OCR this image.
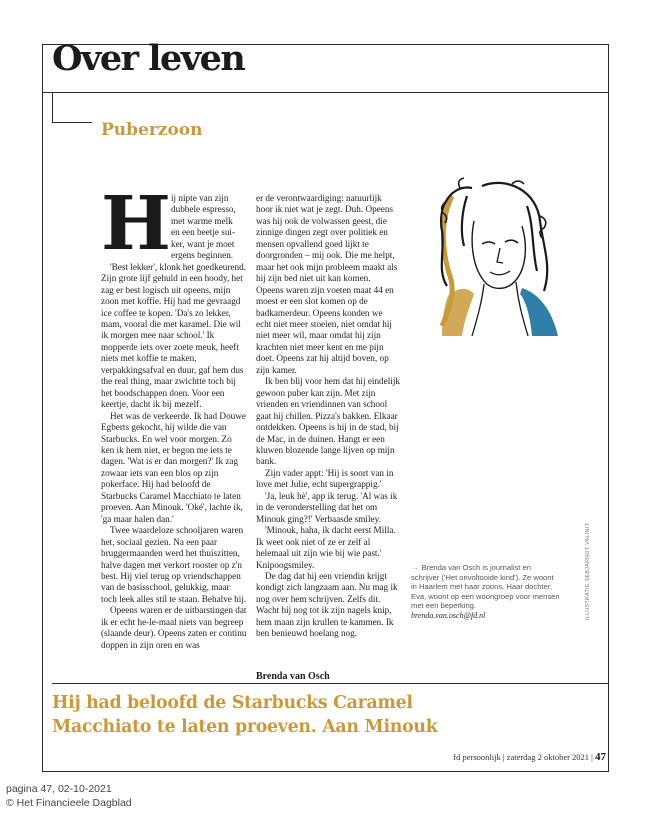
Over leven
Puberzoon
H ij nipte van zijn
dubbele espresso,
met warme melk
en een beetje sui-
ker, want je moet
ergens beginnen.

'Best lekker', klonk het goedkeurend. Zijn grote lijf gehuld in een hoody, het zag er best logisch uit opeens, mijn zoon met koffie. Hij had me gevraagd ice coffee te kopen. 'Da's zo lekker, mam, vooral die met karamel. Die wil ik morgen mee naar school.' Ik mopperde iets over zoete meuk, heeft niets met koffie te maken, verpakkingsafval en duur, gaf hem dus the real thing, maar zwichtte toch bij het boodschappen doen. Voor een keertje, dacht ik bij mezelf.

Het was de verkeerde. Ik had Douwe Egberts gekocht, hij wilde die van Starbucks. En wel voor morgen. Zo ken ik hem niet, er begon me iets te dagen. 'Wat is er dan morgen?' Ik zag zowaar iets van een blos op zijn pokerface. Hij had beloofd de Starbucks Caramel Macchiato te laten proeven. Aan Minouk. 'Oké', lachte ik, 'ga maar halen dan.'

Twee waardeloze schooljaren waren het, sociaal gezien. Na een paar bruggermaanden werd het thuiszitten, halve dagen met verkort rooster op z'n best. Hij viel terug op vriendschappen van de basisschool, gelukkig, maar toch leek alles stil te staan. Behalve hij.

Opeens waren er de uitbarstingen dat ik er echt he-le-maal niets van begreep (slaande deur). Opeens zaten er continu doppen in zijn oren en was

er de verontwaardiging: natuurlijk hoor ik niet wat je zegt. Duh. Opeens was hij ook de volwassen geest, die zinnige dingen zegt over politiek en mensen opvallend goed lijkt te doorgronden – mij ook. Die me helpt, maar het ook mijn probleem maakt als hij zijn bed niet uit kan komen. Opeens waren zijn voeten maat 44 en moest er een slot komen op de badkamerdeur. Opeens konden we echt niet meer stoeien, niet omdat hij niet meer wil, maar omdat hij zijn krachten niet meer kent en me pijn doet. Opeens zat hij altijd boven, op zijn kamer.

Ik ben blij voor hem dat hij eindelijk gewoon puber kan zijn. Met zijn vrienden en vriendinnen van school gaat hij chillen. Pizza's bakken. Elkaar ontdekken. Opeens is hij in de stad, bij de Mac, in de duinen. Hangt er een kluwen blozende lange lijven op mijn bank.

Zijn vader appt: 'Hij is soort van in love met Julie, echt supergrappig.'

'Ja, leuk hè', app ik terug. 'Al was ik in de veronderstelling dat het om Minouk ging?!' Verbaasde smiley.

'Minouk, haha, ik dacht eerst Milla. Ik weet ook niet of ze er zelf al helemaal uit zijn wie bij wie past.' Knipoogsmiley.

De dag dat hij een vriendin krijgt kondigt zich langzaam aan. Nu mag ik nog over hem schrijven. Zelfs dit. Wacht hij nog tot ik zijn nagels knip, hem maan zijn krullen te kammen. Ik ben benieuwd hoelang nog.

Brenda van Osch
→ Brenda van Osch is journalist en schrijver ('Het onvoltooide kind'). Ze woont in Haarlem met haar zoons. Haar dochter, Eva, woont op een woongroep voor mensen met een beperking.
brenda.van.osch@fd.nl	ILLUSTRATIE SEBJARNOT VALINIT
Hij had beloofd de Starbucks Caramel
Macchiato te laten proeven. Aan Minouk
fd persoonlijk | zaterdag 2 oktober 2021 | 47
pagina 47, 02-10-2021
© Het Financieele Dagblad
